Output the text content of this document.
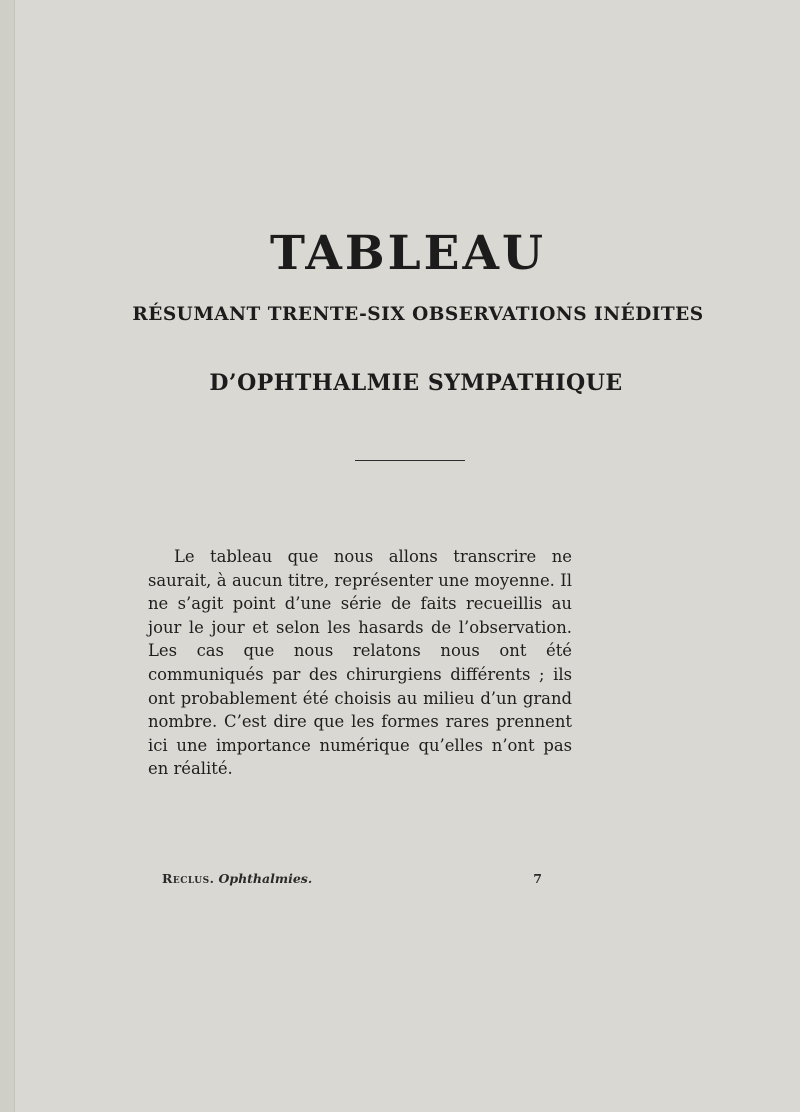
TABLEAU
RÉSUMANT TRENTE-SIX OBSERVATIONS INÉDITES
D’OPHTHALMIE SYMPATHIQUE

Le tableau que nous allons transcrire ne saurait, à aucun titre, représenter une moyenne. Il ne s’agit point d’une série de faits recueillis au jour le jour et selon les hasards de l’observation. Les cas que nous relatons nous ont été communiqués par des chirurgiens différents ; ils ont probablement été choisis au milieu d’un grand nombre. C’est dire que les formes rares prennent ici une importance numérique qu’elles n’ont pas en réalité.

Reclus. Ophthalmies.	7
